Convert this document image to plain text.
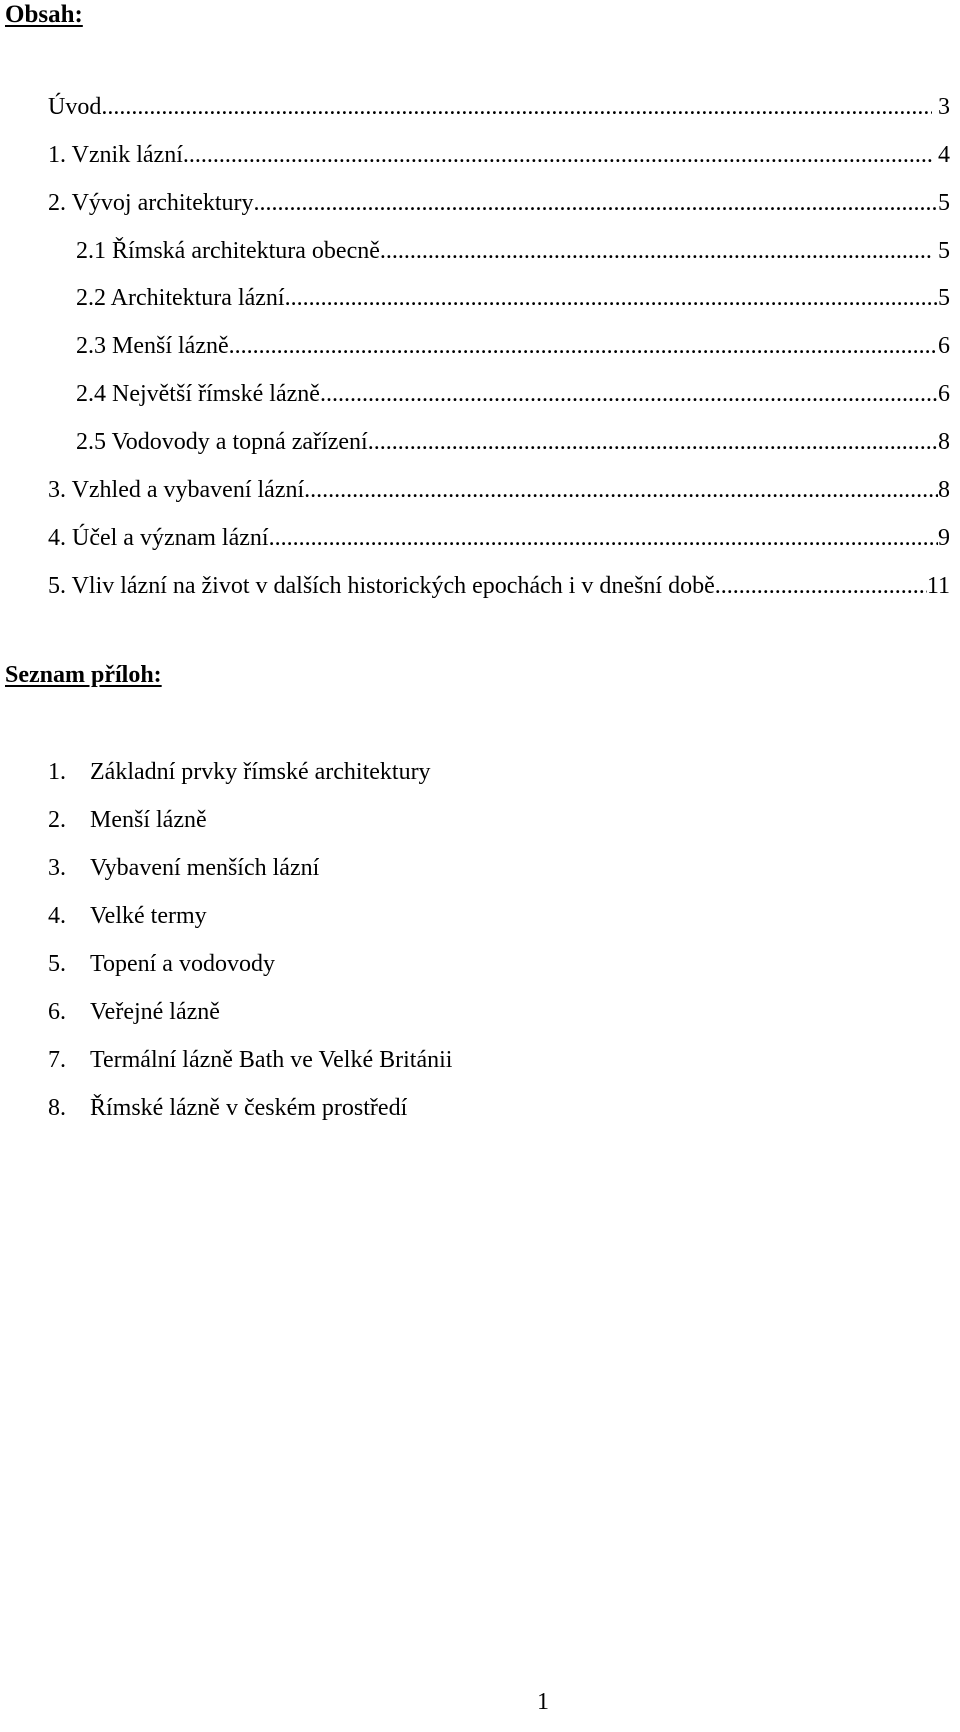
Obsah:
Úvod .....	3
1. Vznik lázní .....	4
2. Vývoj architektury .....	5
2.1 Římská architektura obecně .....	5
2.2 Architektura lázní .....	5
2.3 Menší lázně .....	6
2.4 Největší římské lázně .....	6
2.5 Vodovody a topná zařízení .....	8
3. Vzhled a vybavení lázní .....	8
4. Účel a význam lázní .....	9
5. Vliv lázní na život v dalších historických epochách i v dnešní době .....	11
Seznam příloh:
1. Základní prvky římské architektury
2. Menší lázně
3. Vybavení menších lázní
4. Velké termy
5. Topení a vodovody
6. Veřejné lázně
7. Termální lázně Bath ve Velké Británii
8. Římské lázně v českém prostředí
1
